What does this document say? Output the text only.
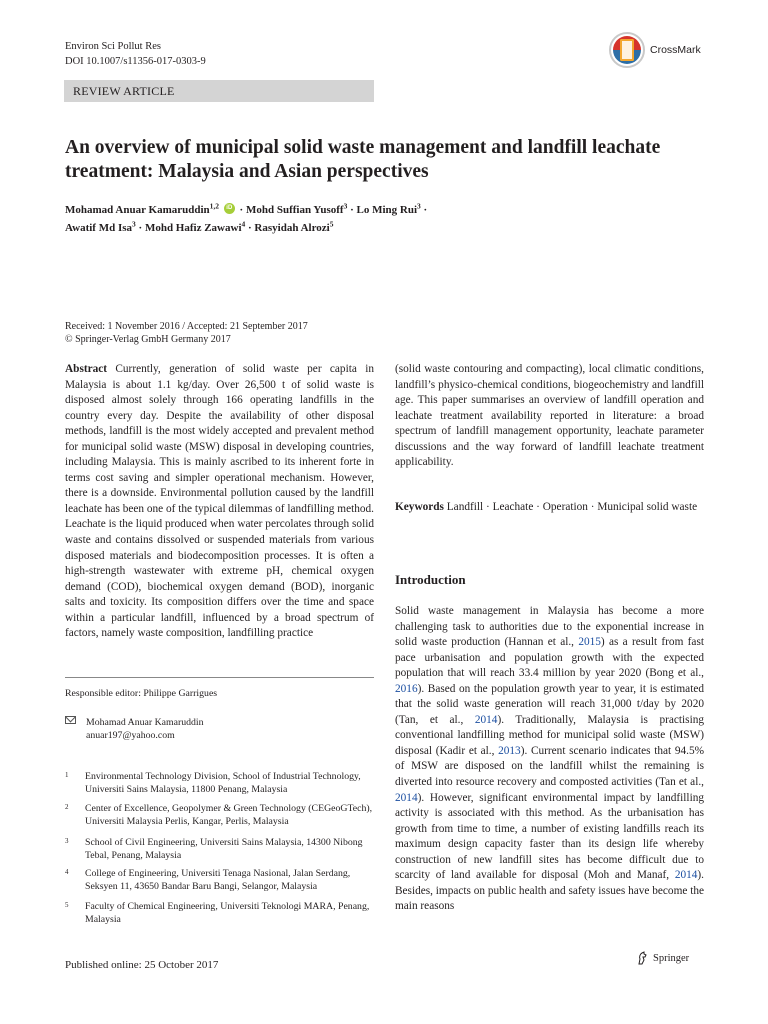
Environ Sci Pollut Res
DOI 10.1007/s11356-017-0303-9
CrossMark
REVIEW ARTICLE
An overview of municipal solid waste management and landfill leachate treatment: Malaysia and Asian perspectives
Mohamad Anuar Kamaruddin$^{1,2}$	iD · Mohd Suffian Yusoff$^3$ · Lo Ming Rui$^3$ ·
Awatif Md Isa$^3$ · Mohd Hafiz Zawawi$^4$ · Rasyidah Alrozi$^5$
Received: 1 November 2016 / Accepted: 21 September 2017
© Springer-Verlag GmbH Germany 2017

Abstract Currently, generation of solid waste per capita in Malaysia is about 1.1 kg/day. Over 26,500 t of solid waste is disposed almost solely through 166 operating landfills in the country every day. Despite the availability of other disposal methods, landfill is the most widely accepted and prevalent method for municipal solid waste (MSW) disposal in developing countries, including Malaysia. This is mainly ascribed to its inherent forte in terms cost saving and simpler operational mechanism. However, there is a downside. Environmental pollution caused by the landfill leachate has been one of the typical dilemmas of landfilling method. Leachate is the liquid produced when water percolates through solid waste and contains dissolved or suspended materials from various disposed materials and biodecomposition processes. It is often a high-strength wastewater with extreme pH, chemical oxygen demand (COD), biochemical oxygen demand (BOD), inorganic salts and toxicity. Its composition differs over the time and space within a particular landfill, influenced by a broad spectrum of factors, namely waste composition, landfilling practice

(solid waste contouring and compacting), local climatic conditions, landfill’s physico-chemical conditions, biogeochemistry and landfill age. This paper summarises an overview of landfill operation and leachate treatment availability reported in literature: a broad spectrum of landfill management opportunity, leachate parameter discussions and the way forward of landfill leachate treatment applicability.

Keywords Landfill · Leachate · Operation · Municipal solid waste

Introduction

Solid waste management in Malaysia has become a more challenging task to authorities due to the exponential increase in solid waste production (Hannan et al., 2015) as a result from fast pace urbanisation and population growth with the expected population that will reach 33.4 million by year 2020 (Bong et al., 2016). Based on the population growth year to year, it is estimated that the solid waste generation will reach 31,000 t/day by 2020 (Tan, et al., 2014). Traditionally, Malaysia is practising conventional landfilling method for municipal solid waste (MSW) disposal (Kadir et al., 2013). Current scenario indicates that 94.5% of MSW are disposed on the landfill whilst the remaining is diverted into resource recovery and composted activities (Tan et al., 2014). However, significant environmental impact by landfilling activity is associated with this method. As the urbanisation has growth from time to time, a number of existing landfills reach its maximum design capacity faster than its design life whereby construction of new landfill sites has become difficult due to scarcity of land available for disposal (Moh and Manaf, 2014). Besides, impacts on public health and safety issues have become the main reasons

Responsible editor: Philippe Garrigues
Mohamad Anuar Kamaruddin
anuar197@yahoo.com
1 Environmental Technology Division, School of Industrial Technology, Universiti Sains Malaysia, 11800 Penang, Malaysia
2 Center of Excellence, Geopolymer & Green Technology (CEGeoGTech), Universiti Malaysia Perlis, Kangar, Perlis, Malaysia
3 School of Civil Engineering, Universiti Sains Malaysia, 14300 Nibong Tebal, Penang, Malaysia
4 College of Engineering, Universiti Tenaga Nasional, Jalan Serdang, Seksyen 11, 43650 Bandar Baru Bangi, Selangor, Malaysia
5 Faculty of Chemical Engineering, Universiti Teknologi MARA, Penang, Malaysia
Published online: 25 October 2017
Springer
